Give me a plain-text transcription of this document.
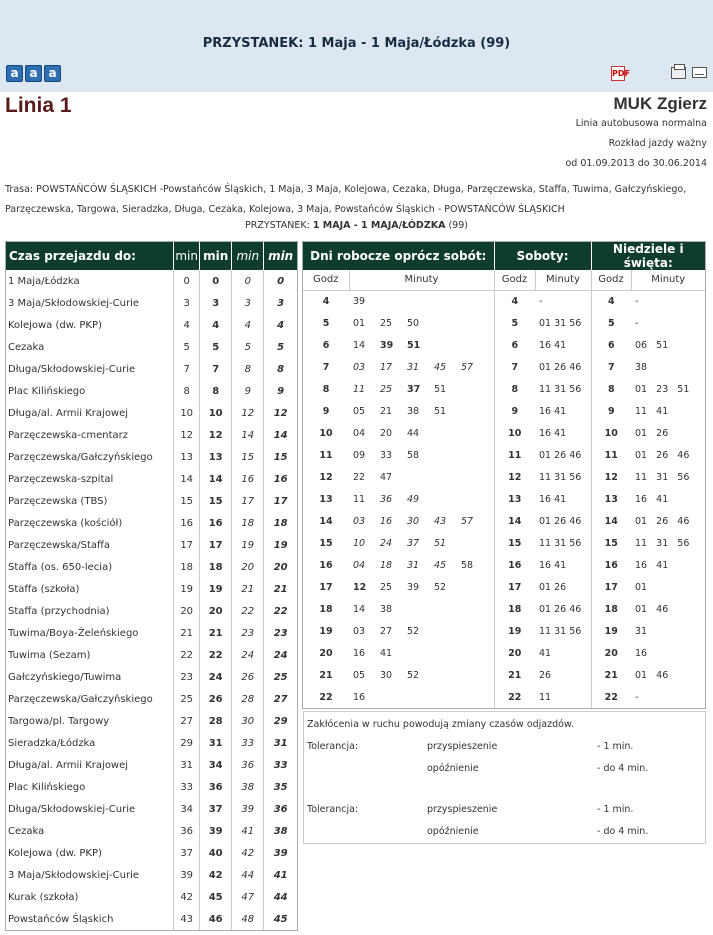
PRZYSTANEK: 1 Maja - 1 Maja/Łódzka (99)
a a a	PDF
Linia 1	MUK Zgierz
Linia autobusowa normalna
Rozkład jazdy ważny
od 01.09.2013 do 30.06.2014
Trasa: POWSTAŃCÓW ŚLĄSKICH -Powstańców Śląskich, 1 Maja, 3 Maja, Kolejowa, Cezaka, Długa, Parzęczewska, Staffa, Tuwima, Gałczyńskiego, Parzęczewska, Targowa, Sieradzka, Długa, Cezaka, Kolejowa, 3 Maja, Powstańców Śląskich - POWSTAŃCÓW ŚLĄSKICH
PRZYSTANEK: 1 MAJA - 1 MAJA/ŁÓDZKA (99)
Czas przejazdu do:	min	min	min	min
1 Maja/Łódzka	0	0	0	0
3 Maja/Skłodowskiej-Curie	3	3	3	3
Kolejowa (dw. PKP)	4	4	4	4
Cezaka	5	5	5	5
Długa/Skłodowskiej-Curie	7	7	8	8
Plac Kilińskiego	8	8	9	9
Długa/al. Armii Krajowej	10	10	12	12
Parzęczewska-cmentarz	12	12	14	14
Parzęczewska/Gałczyńskiego	13	13	15	15
Parzęczewska-szpital	14	14	16	16
Parzęczewska (TBS)	15	15	17	17
Parzęczewska (kościół)	16	16	18	18
Parzęczewska/Staffa	17	17	19	19
Staffa (os. 650-lecia)	18	18	20	20
Staffa (szkoła)	19	19	21	21
Staffa (przychodnia)	20	20	22	22
Tuwima/Boya-Żeleńskiego	21	21	23	23
Tuwima (Sezam)	22	22	24	24
Gałczyńskiego/Tuwima	23	24	26	25
Parzęczewska/Gałczyńskiego	25	26	28	27
Targowa/pl. Targowy	27	28	30	29
Sieradzka/Łódzka	29	31	33	31
Długa/al. Armii Krajowej	31	34	36	33
Plac Kilińskiego	33	36	38	35
Długa/Skłodowskiej-Curie	34	37	39	36
Cezaka	36	39	41	38
Kolejowa (dw. PKP)	37	40	42	39
3 Maja/Skłodowskiej-Curie	39	42	44	41
Kurak (szkoła)	42	45	47	44
Powstańców Śląskich	43	46	48	45
Dni robocze oprócz sobót:		Soboty:		Niedziele i święta:	
Godz	Minuty	Godz	Minuty	Godz	Minuty
4	39	4	-	4	-
5	01 25 50	5	01 31 56	5	-
6	14 39 51	6	16 41	6	06   51
7	03 17 31 45 57	7	01 26 46	7	38
8	11 25 37 51	8	11 31 56	8	01   23   51
9	05 21 38 51	9	16 41	9	11   41
10	04 20 44	10	16 41	10	01   26
11	09 33 58	11	01 26 46	11	01   26   46
12	22 47	12	11 31 56	12	11   31   56
13	11 36 49	13	16 41	13	16   41
14	03 16 30 43 57	14	01 26 46	14	01   26   46
15	10 24 37 51	15	11 31 56	15	11   31   56
16	04 18 31 45 58	16	16 41	16	16   41
17	12 25 39 52	17	01 26	17	01
18	14 38	18	01 26 46	18	01   46
19	03 27 52	19	11 31 56	19	31
20	16 41	20	41	20	16
21	05 30 52	21	26	21	01   46
22	16	22	11	22	-
Zakłócenia w ruchu powodują zmiany czasów odjazdów.
Tolerancja:	przyspieszenie	- 1 min.
opóźnienie	- do 4 min.
Tolerancja:	przyspieszenie	- 1 min.
opóźnienie	- do 4 min.
